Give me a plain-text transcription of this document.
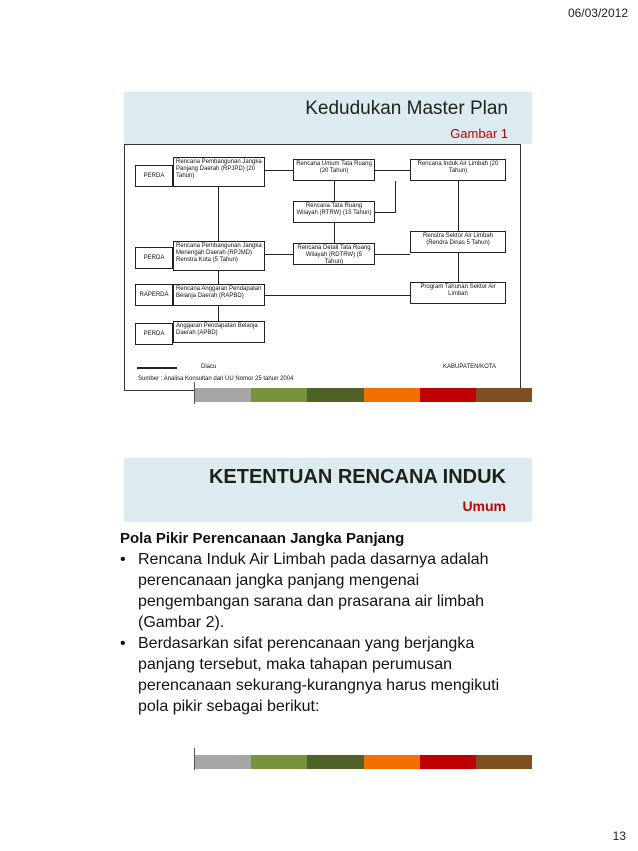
06/03/2012
Kedudukan Master Plan
Gambar 1
PERDA
PERDA
RAPERDA
PERDA
Rencana Pembangunan Jangka Panjang Daerah (RPJPD) (20 Tahun)
Rencana Pembangunan Jangka Menengah Daerah (RPJMD) Renstra Kota (5 Tahun)
Rencana Anggaran Pendapatan Belanja Daerah (RAPBD)
Anggaran Pendapatan Belanja Daerah (APBD)
Rencana Umum Tata Ruang (20 Tahun)
Rencana Tata Ruang Wilayah (RTRW) (15 Tahun)
Rencana Detail Tata Ruang Wilayah (RDTRW) (5 Tahun)
Rencana Induk Air Limbah (20 Tahun)
Renstra Sektor Air Limbah (Rendra Dinas 5 Tahun)
Program Tahunan Sektor Air Limbah
Diacu	KABUPATEN/KOTA
Sumber : Analisa Konsultan dari UU Nomor 25 tahun 2004
KETENTUAN RENCANA INDUK
Umum
Pola Pikir Perencanaan Jangka Panjang
• Rencana Induk Air Limbah pada dasarnya adalah perencanaan jangka panjang mengenai pengembangan sarana dan prasarana air limbah (Gambar 2).
• Berdasarkan sifat perencanaan yang berjangka panjang tersebut, maka tahapan perumusan perencanaan sekurang-kurangnya harus mengikuti pola pikir sebagai berikut:
13
